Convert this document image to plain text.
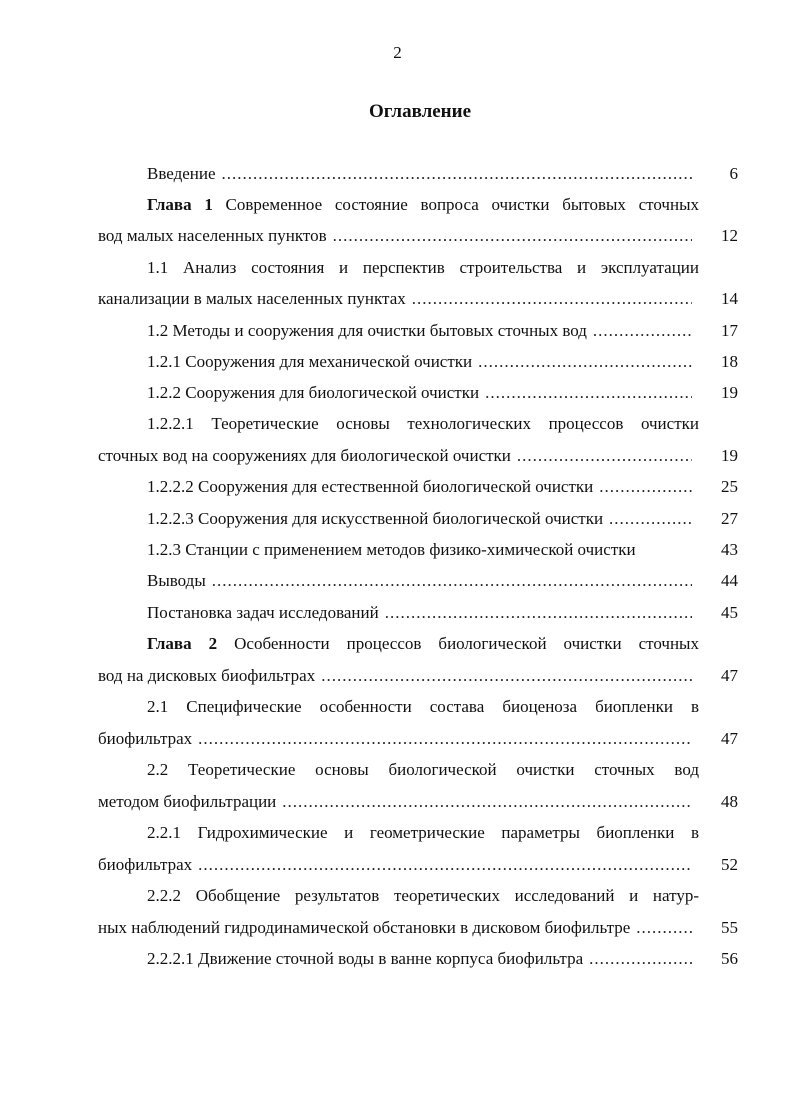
2
Оглавление
Введение .....	6
Глава 1 Современное состояние вопроса очистки бытовых сточных
вод малых населенных пунктов .....	12
1.1 Анализ состояния и перспектив строительства и эксплуатации
канализации в малых населенных пунктах .....	14
1.2 Методы и сооружения для очистки бытовых сточных вод .....	17
1.2.1 Сооружения для механической очистки .....	18
1.2.2 Сооружения для биологической очистки .....	19
1.2.2.1 Теоретические основы технологических процессов очистки
сточных вод на сооружениях для биологической очистки .....	19
1.2.2.2 Сооружения для естественной биологической очистки .....	25
1.2.2.3 Сооружения для искусственной биологической очистки .....	27
1.2.3 Станции с применением методов физико-химической очистки	43
Выводы .....	44
Постановка задач исследований .....	45
Глава 2 Особенности процессов биологической очистки сточных
вод на дисковых биофильтрах .....	47
2.1 Специфические особенности состава биоценоза биопленки в
биофильтрах .....	47
2.2 Теоретические основы биологической очистки сточных вод
методом биофильтрации .....	48
2.2.1 Гидрохимические и геометрические параметры биопленки в
биофильтрах .....	52
2.2.2 Обобщение результатов теоретических исследований и натур-
ных наблюдений гидродинамической обстановки в дисковом биофильтре .....	55
2.2.2.1 Движение сточной воды в ванне корпуса биофильтра .....	56
